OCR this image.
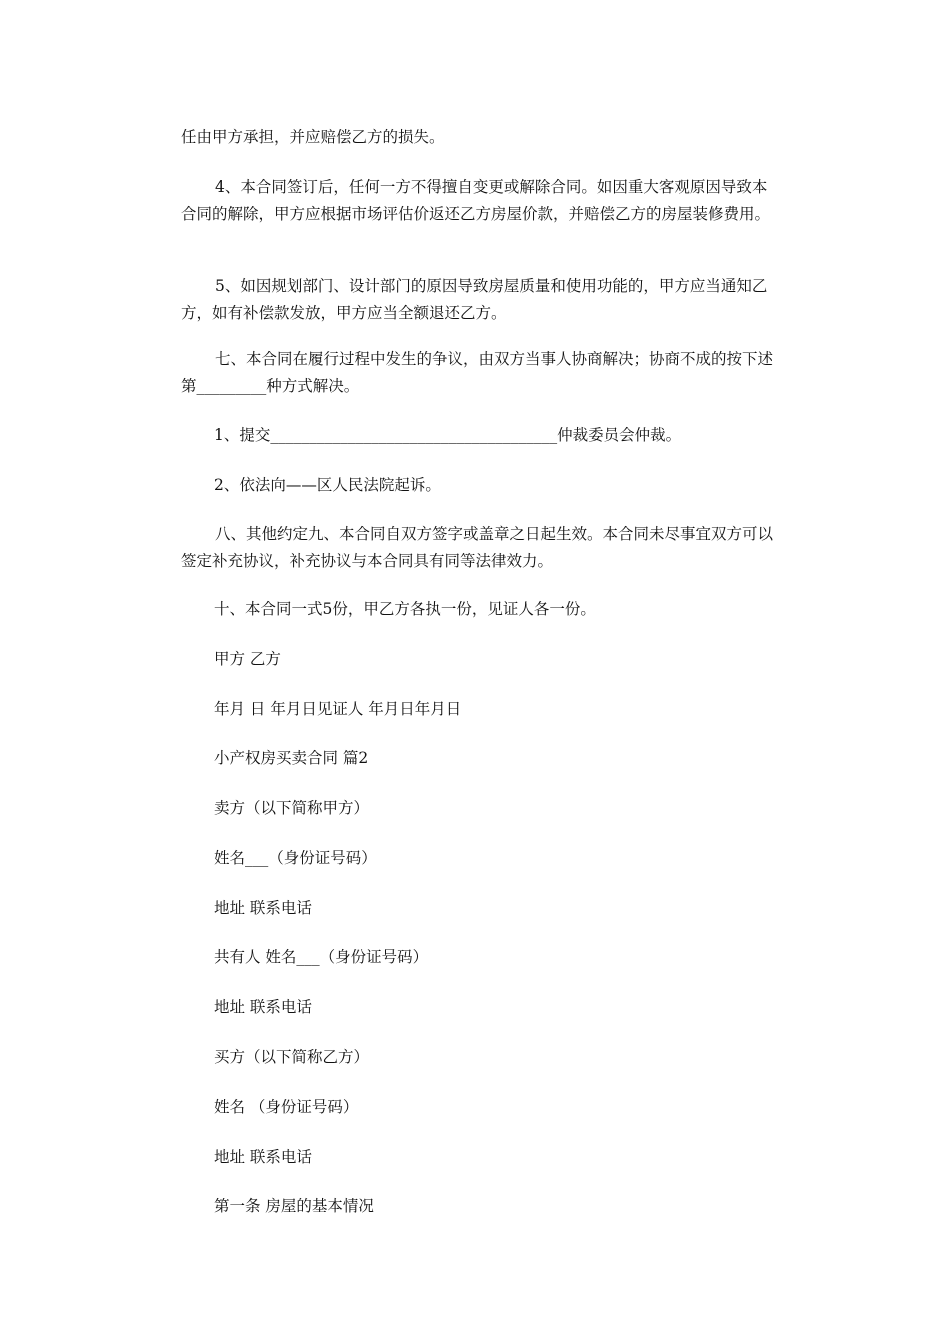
任由甲方承担，并应赔偿乙方的损失。

4、本合同签订后，任何一方不得擅自变更或解除合同。如因重大客观原因导致本合同的解除，甲方应根据市场评估价返还乙方房屋价款，并赔偿乙方的房屋装修费用。

5、如因规划部门、设计部门的原因导致房屋质量和使用功能的，甲方应当通知乙方，如有补偿款发放，甲方应当全额退还乙方。

七、本合同在履行过程中发生的争议，由双方当事人协商解决；协商不成的按下述第_________种方式解决。

1、提交_____________________________________仲裁委员会仲裁。

2、依法向——区人民法院起诉。

八、其他约定九、本合同自双方签字或盖章之日起生效。本合同未尽事宜双方可以签定补充协议，补充协议与本合同具有同等法律效力。

十、本合同一式5份，甲乙方各执一份，见证人各一份。

甲方 乙方

年月 日 年月日见证人 年月日年月日

小产权房买卖合同 篇2

卖方（以下简称甲方）

姓名___（身份证号码）

地址 联系电话

共有人 姓名___（身份证号码）

地址 联系电话

买方（以下简称乙方）

姓名 （身份证号码）

地址 联系电话

第一条 房屋的基本情况
